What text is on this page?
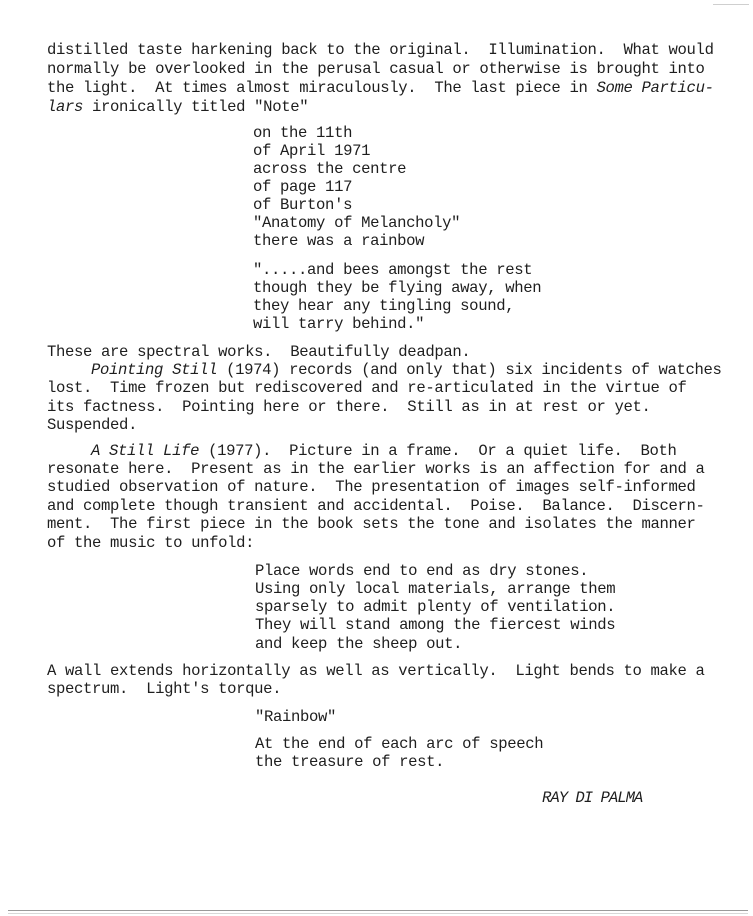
distilled taste harkening back to the original.  Illumination.  What would
normally be overlooked in the perusal casual or otherwise is brought into
the light.  At times almost miraculously.  The last piece in Some Particu-
lars ironically titled "Note"
on the 11th
of April 1971
across the centre
of page 117
of Burton's
"Anatomy of Melancholy"
there was a rainbow
".....and bees amongst the rest
though they be flying away, when
they hear any tingling sound,
will tarry behind."
These are spectral works.  Beautifully deadpan.
Pointing Still (1974) records (and only that) six incidents of watches
lost.  Time frozen but rediscovered and re-articulated in the virtue of
its factness.  Pointing here or there.  Still as in at rest or yet.
Suspended.
A Still Life (1977).  Picture in a frame.  Or a quiet life.  Both
resonate here.  Present as in the earlier works is an affection for and a
studied observation of nature.  The presentation of images self-informed
and complete though transient and accidental.  Poise.  Balance.  Discern-
ment.  The first piece in the book sets the tone and isolates the manner
of the music to unfold:
Place words end to end as dry stones.
Using only local materials, arrange them
sparsely to admit plenty of ventilation.
They will stand among the fiercest winds
and keep the sheep out.
A wall extends horizontally as well as vertically.  Light bends to make a
spectrum.  Light's torque.
"Rainbow"
At the end of each arc of speech
the treasure of rest.
RAY DI PALMA
